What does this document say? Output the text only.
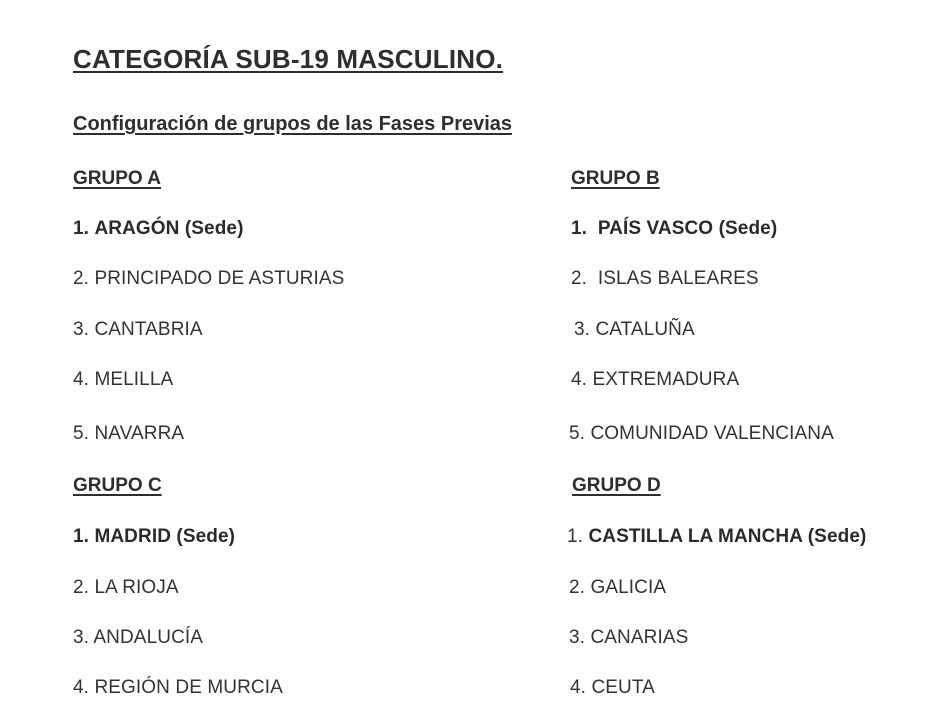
CATEGORÍA SUB-19 MASCULINO.
Configuración de grupos de las Fases Previas
GRUPO A
1. ARAGÓN (Sede)
2. PRINCIPADO DE ASTURIAS
3. CANTABRIA
4. MELILLA
5. NAVARRA
GRUPO B
1. PAÍS VASCO (Sede)
2. ISLAS BALEARES
3. CATALUÑA
4. EXTREMADURA
5. COMUNIDAD VALENCIANA
GRUPO C
1. MADRID (Sede)
2. LA RIOJA
3. ANDALUCÍA
4. REGIÓN DE MURCIA
GRUPO D
1. CASTILLA LA MANCHA (Sede)
2. GALICIA
3. CANARIAS
4. CEUTA
